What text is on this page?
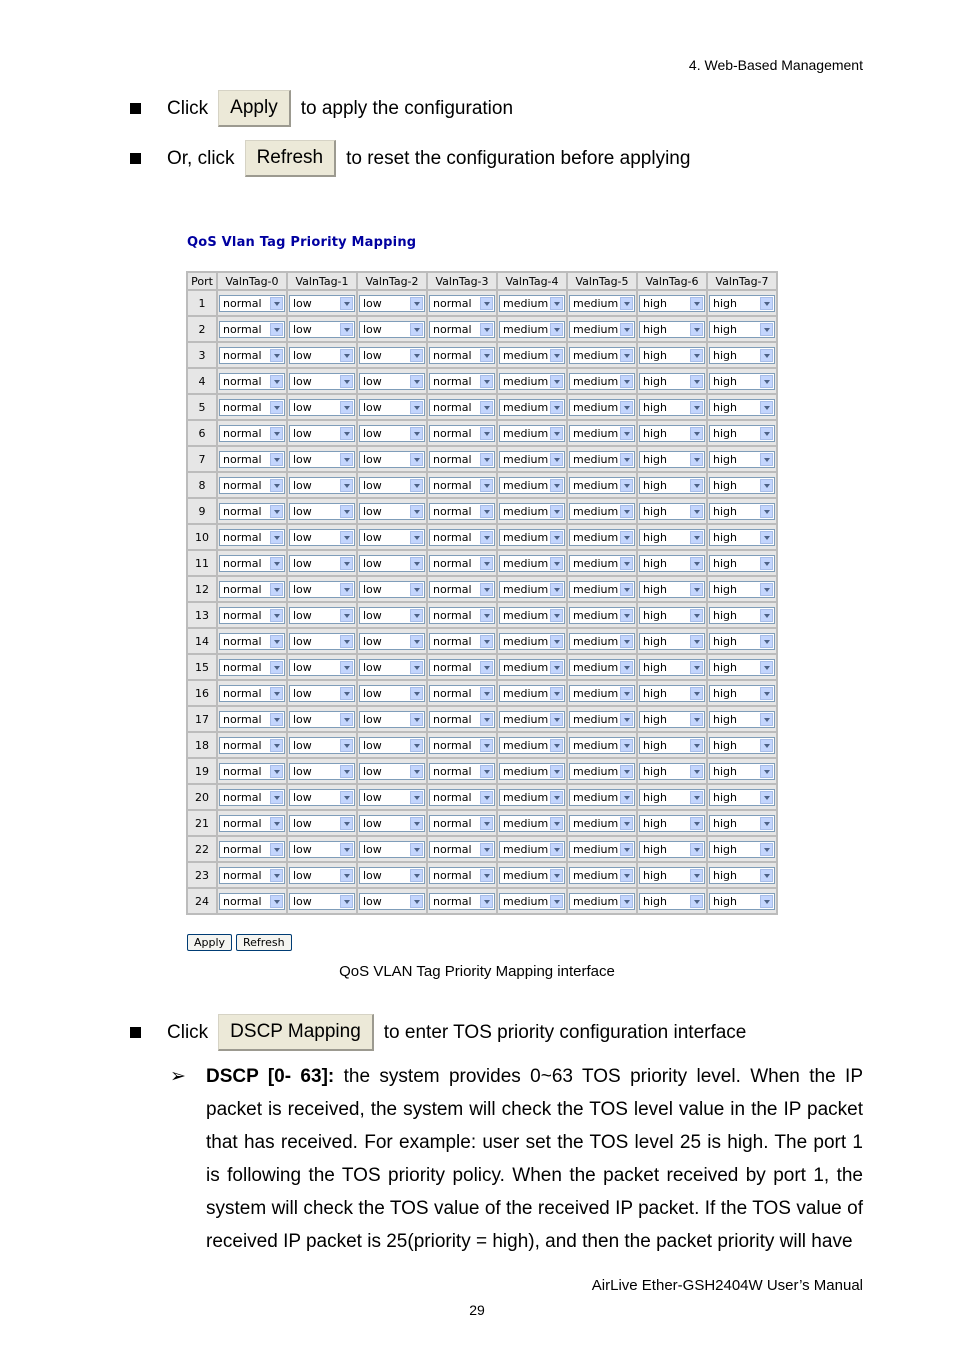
4. Web-Based Management
Click	Apply	to apply the configuration
Or, click	Refresh	to reset the configuration before applying
QoS Vlan Tag Priority Mapping
Port	ValnTag-0	ValnTag-1	ValnTag-2	ValnTag-3	ValnTag-4	ValnTag-5	ValnTag-6	ValnTag-7
1	normal	low	low	normal	medium	medium	high	high

2	normal	low	low	normal	medium	medium	high	high

3	normal	low	low	normal	medium	medium	high	high

4	normal	low	low	normal	medium	medium	high	high

5	normal	low	low	normal	medium	medium	high	high

6	normal	low	low	normal	medium	medium	high	high

7	normal	low	low	normal	medium	medium	high	high

8	normal	low	low	normal	medium	medium	high	high

9	normal	low	low	normal	medium	medium	high	high

10	normal	low	low	normal	medium	medium	high	high

11	normal	low	low	normal	medium	medium	high	high

12	normal	low	low	normal	medium	medium	high	high

13	normal	low	low	normal	medium	medium	high	high

14	normal	low	low	normal	medium	medium	high	high

15	normal	low	low	normal	medium	medium	high	high

16	normal	low	low	normal	medium	medium	high	high

17	normal	low	low	normal	medium	medium	high	high

18	normal	low	low	normal	medium	medium	high	high

19	normal	low	low	normal	medium	medium	high	high

20	normal	low	low	normal	medium	medium	high	high

21	normal	low	low	normal	medium	medium	high	high

22	normal	low	low	normal	medium	medium	high	high

23	normal	low	low	normal	medium	medium	high	high

24	normal	low	low	normal	medium	medium	high	high
Apply	Refresh
QoS VLAN Tag Priority Mapping interface
Click	DSCP Mapping	to enter TOS priority configuration interface
➢ DSCP [0- 63]: the system provides 0~63 TOS priority level. When the IP packet is received, the system will check the TOS level value in the IP packet that has received. For example: user set the TOS level 25 is high. The port 1 is following the TOS priority policy. When the packet received by port 1, the system will check the TOS value of the received IP packet. If the TOS value of received IP packet is 25(priority = high), and then the packet priority will have
AirLive Ether-GSH2404W User’s Manual
29
